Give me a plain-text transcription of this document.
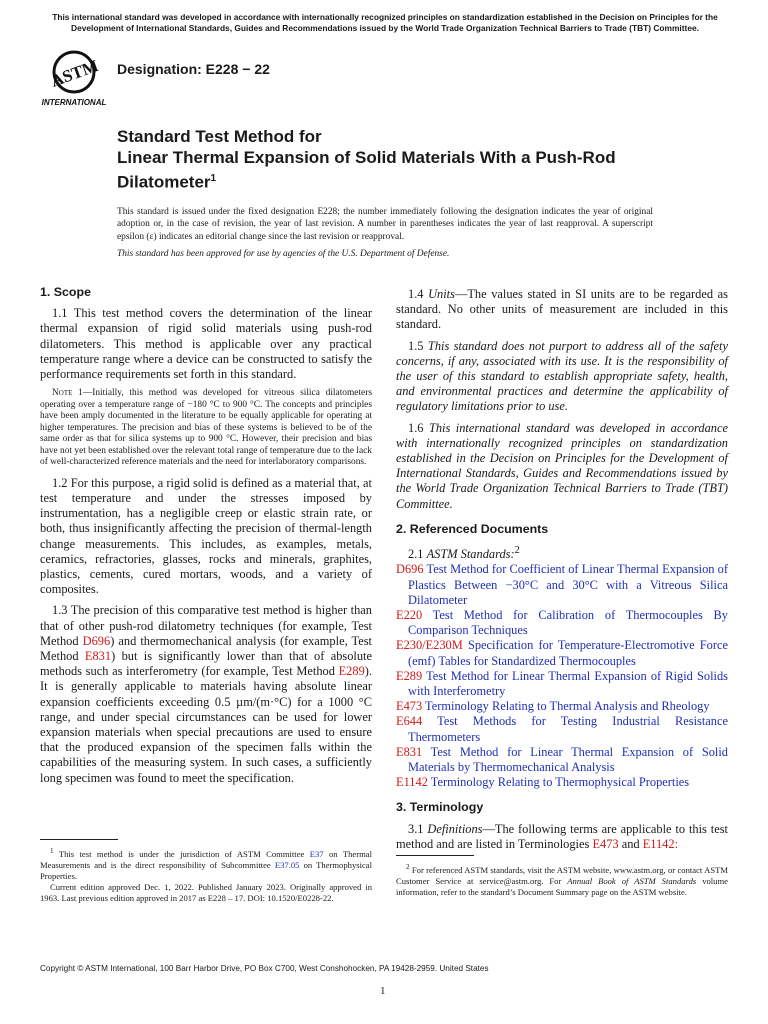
This international standard was developed in accordance with internationally recognized principles on standardization established in the Decision on Principles for the Development of International Standards, Guides and Recommendations issued by the World Trade Organization Technical Barriers to Trade (TBT) Committee.
ASTM
INTERNATIONAL
Designation: E228 − 22
Standard Test Method for
Linear Thermal Expansion of Solid Materials With a Push-Rod Dilatometer$^1$

This standard is issued under the fixed designation E228; the number immediately following the designation indicates the year of original adoption or, in the case of revision, the year of last revision. A number in parentheses indicates the year of last reapproval. A superscript epsilon (ε) indicates an editorial change since the last revision or reapproval.

This standard has been approved for use by agencies of the U.S. Department of Defense.

1. Scope

1.1 This test method covers the determination of the linear thermal expansion of rigid solid materials using push-rod dilatometers. This method is applicable over any practical temperature range where a device can be constructed to satisfy the performance requirements set forth in this standard.

Note 1—Initially, this method was developed for vitreous silica dilatometers operating over a temperature range of −180 °C to 900 °C. The concepts and principles have been amply documented in the literature to be equally applicable for operating at higher temperatures. The precision and bias of these systems is believed to be of the same order as that for silica systems up to 900 °C. However, their precision and bias have not yet been established over the relevant total range of temperature due to the lack of well-characterized reference materials and the need for interlaboratory comparisons.

1.2 For this purpose, a rigid solid is defined as a material that, at test temperature and under the stresses imposed by instrumentation, has a negligible creep or elastic strain rate, or both, thus insignificantly affecting the precision of thermal-length change measurements. This includes, as examples, metals, ceramics, refractories, glasses, rocks and minerals, graphites, plastics, cements, cured mortars, woods, and a variety of composites.

1.3 The precision of this comparative test method is higher than that of other push-rod dilatometry techniques (for example, Test Method D696) and thermomechanical analysis (for example, Test Method E831) but is significantly lower than that of absolute methods such as interferometry (for example, Test Method E289). It is generally applicable to materials having absolute linear expansion coefficients exceeding 0.5 µm/(m·°C) for a 1000 °C range, and under special circumstances can be used for lower expansion materials when special precautions are used to ensure that the produced expansion of the specimen falls within the capabilities of the measuring system. In such cases, a sufficiently long specimen was found to meet the specification.

$^1$ This test method is under the jurisdiction of ASTM Committee E37 on Thermal Measurements and is the direct responsibility of Subcommittee E37.05 on Thermophysical Properties.

Current edition approved Dec. 1, 2022. Published January 2023. Originally approved in 1963. Last previous edition approved in 2017 as E228 – 17. DOI: 10.1520/E0228-22.

1.4 Units—The values stated in SI units are to be regarded as standard. No other units of measurement are included in this standard.

1.5 This standard does not purport to address all of the safety concerns, if any, associated with its use. It is the responsibility of the user of this standard to establish appropriate safety, health, and environmental practices and determine the applicability of regulatory limitations prior to use.

1.6 This international standard was developed in accordance with internationally recognized principles on standardization established in the Decision on Principles for the Development of International Standards, Guides and Recommendations issued by the World Trade Organization Technical Barriers to Trade (TBT) Committee.

2. Referenced Documents

2.1 ASTM Standards:$^2$

D696 Test Method for Coefficient of Linear Thermal Expansion of Plastics Between −30°C and 30°C with a Vitreous Silica Dilatometer
E220 Test Method for Calibration of Thermocouples By Comparison Techniques
E230/E230M Specification for Temperature-Electromotive Force (emf) Tables for Standardized Thermocouples
E289 Test Method for Linear Thermal Expansion of Rigid Solids with Interferometry
E473 Terminology Relating to Thermal Analysis and Rheology
E644 Test Methods for Testing Industrial Resistance Thermometers
E831 Test Method for Linear Thermal Expansion of Solid Materials by Thermomechanical Analysis
E1142 Terminology Relating to Thermophysical Properties
3. Terminology

3.1 Definitions—The following terms are applicable to this test method and are listed in Terminologies E473 and E1142:

$^2$ For referenced ASTM standards, visit the ASTM website, www.astm.org, or contact ASTM Customer Service at service@astm.org. For Annual Book of ASTM Standards volume information, refer to the standard’s Document Summary page on the ASTM website.

Copyright © ASTM International, 100 Barr Harbor Drive, PO Box C700, West Conshohocken, PA 19428-2959. United States
1
